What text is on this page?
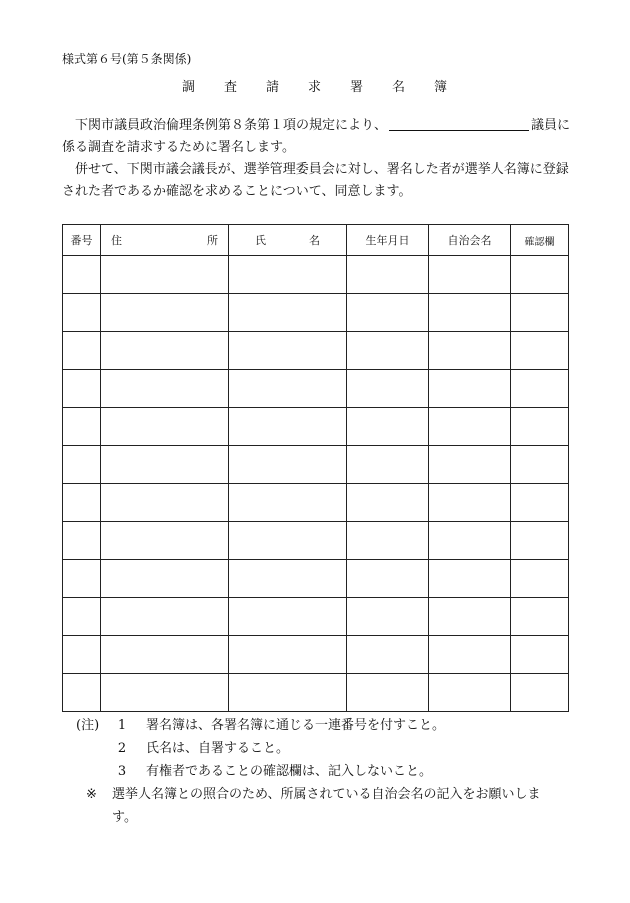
様式第６号(第５条関係)
調 査 請 求 署 名 簿
　下関市議員政治倫理条例第８条第１項の規定により、	議員に係る調査を請求するために署名します。
　併せて、下関市議会議長が、選挙管理委員会に対し、署名した者が選挙人名簿に登録された者であるか確認を求めることについて、同意します。
番号	住 所	氏 名	生年月日	自治会名	確認欄

(注)	1	署名簿は、各署名簿に通じる一連番号を付すこと。
2	氏名は、自署すること。
3	有権者であることの確認欄は、記入しないこと。
※ 選挙人名簿との照合のため、所属されている自治会名の記入をお願いしま
す。
